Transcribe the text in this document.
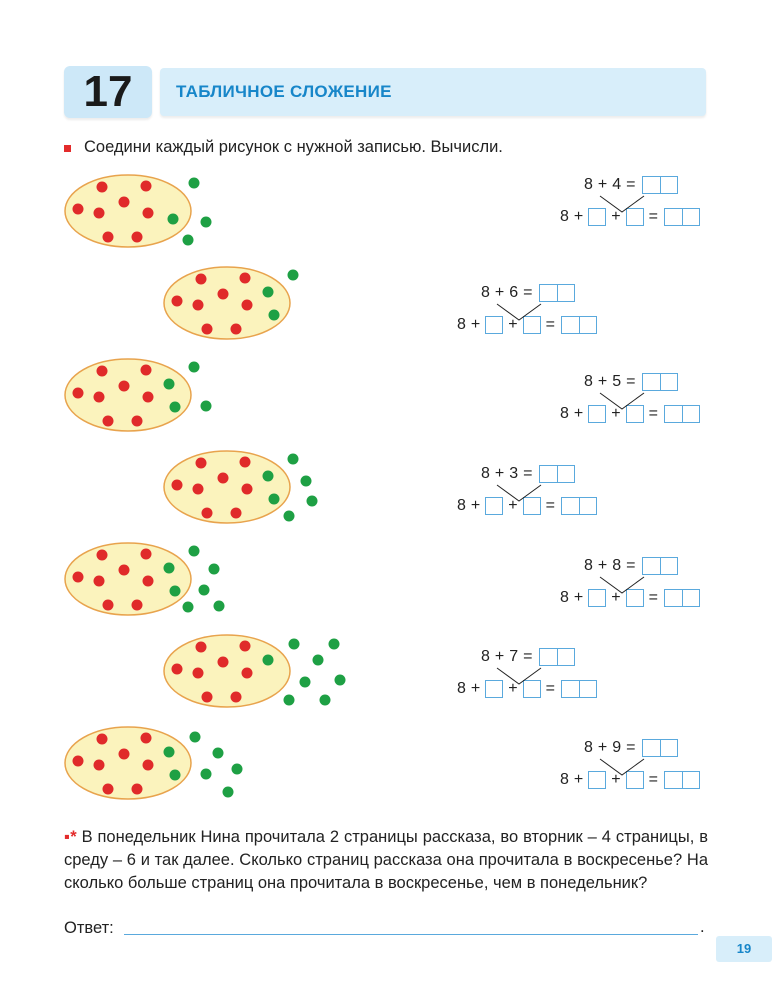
17	ТАБЛИЧНОЕ СЛОЖЕНИЕ
Соедини каждый рисунок с нужной записью. Вычисли.
8 + 4 =
8 + + =
8 + 6 =
8 + + =
8 + 5 =
8 + + =
8 + 3 =
8 + + =
8 + 8 =
8 + + =
8 + 7 =
8 + + =
8 + 9 =
8 + + =
▪* В понедельник Нина прочитала 2 страницы рассказа, во вторник – 4 страницы, в среду – 6 и так далее. Сколько страниц рассказа она прочитала в воскресенье? На сколько больше страниц она прочитала в воскресенье, чем в понедельник?
Ответ:	.
19
